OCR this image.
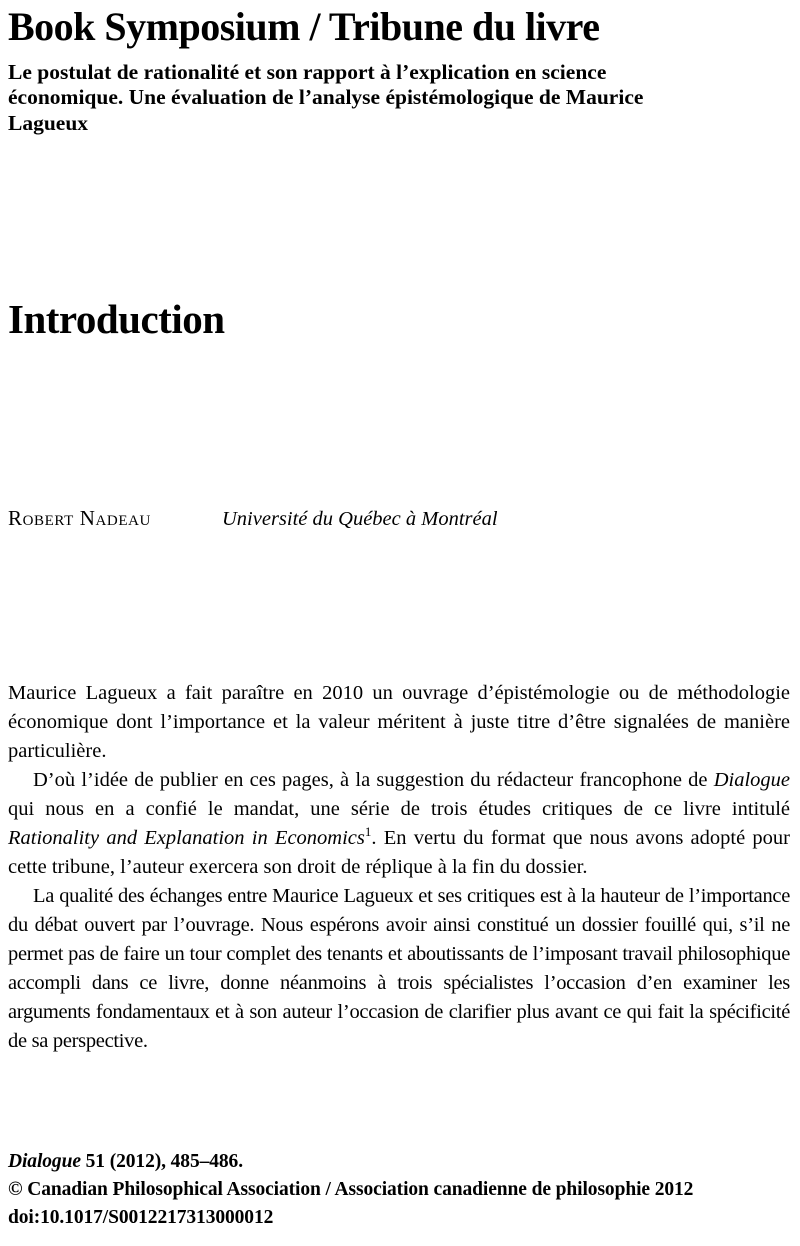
Book Symposium / Tribune du livre
Le postulat de rationalité et son rapport à l’explication en science
économique. Une évaluation de l’analyse épistémologique de Maurice
Lagueux
Introduction
Robert Nadeau	Université du Québec à Montréal

Maurice Lagueux a fait paraître en 2010 un ouvrage d’épistémologie ou de méthodologie économique dont l’importance et la valeur méritent à juste titre d’être signalées de manière particulière.

D’où l’idée de publier en ces pages, à la suggestion du rédacteur francophone de Dialogue qui nous en a confié le mandat, une série de trois études critiques de ce livre intitulé Rationality and Explanation in Economics$^1$. En vertu du format que nous avons adopté pour cette tribune, l’auteur exercera son droit de réplique à la fin du dossier.

La qualité des échanges entre Maurice Lagueux et ses critiques est à la hauteur de l’importance du débat ouvert par l’ouvrage. Nous espérons avoir ainsi constitué un dossier fouillé qui, s’il ne permet pas de faire un tour complet des tenants et aboutissants de l’imposant travail philosophique accompli dans ce livre, donne néanmoins à trois spécialistes l’occasion d’en examiner les arguments fondamentaux et à son auteur l’occasion de clarifier plus avant ce qui fait la spécificité de sa perspective.

Dialogue 51 (2012), 485–486.
© Canadian Philosophical Association / Association canadienne de philosophie 2012
doi:10.1017/S0012217313000012
